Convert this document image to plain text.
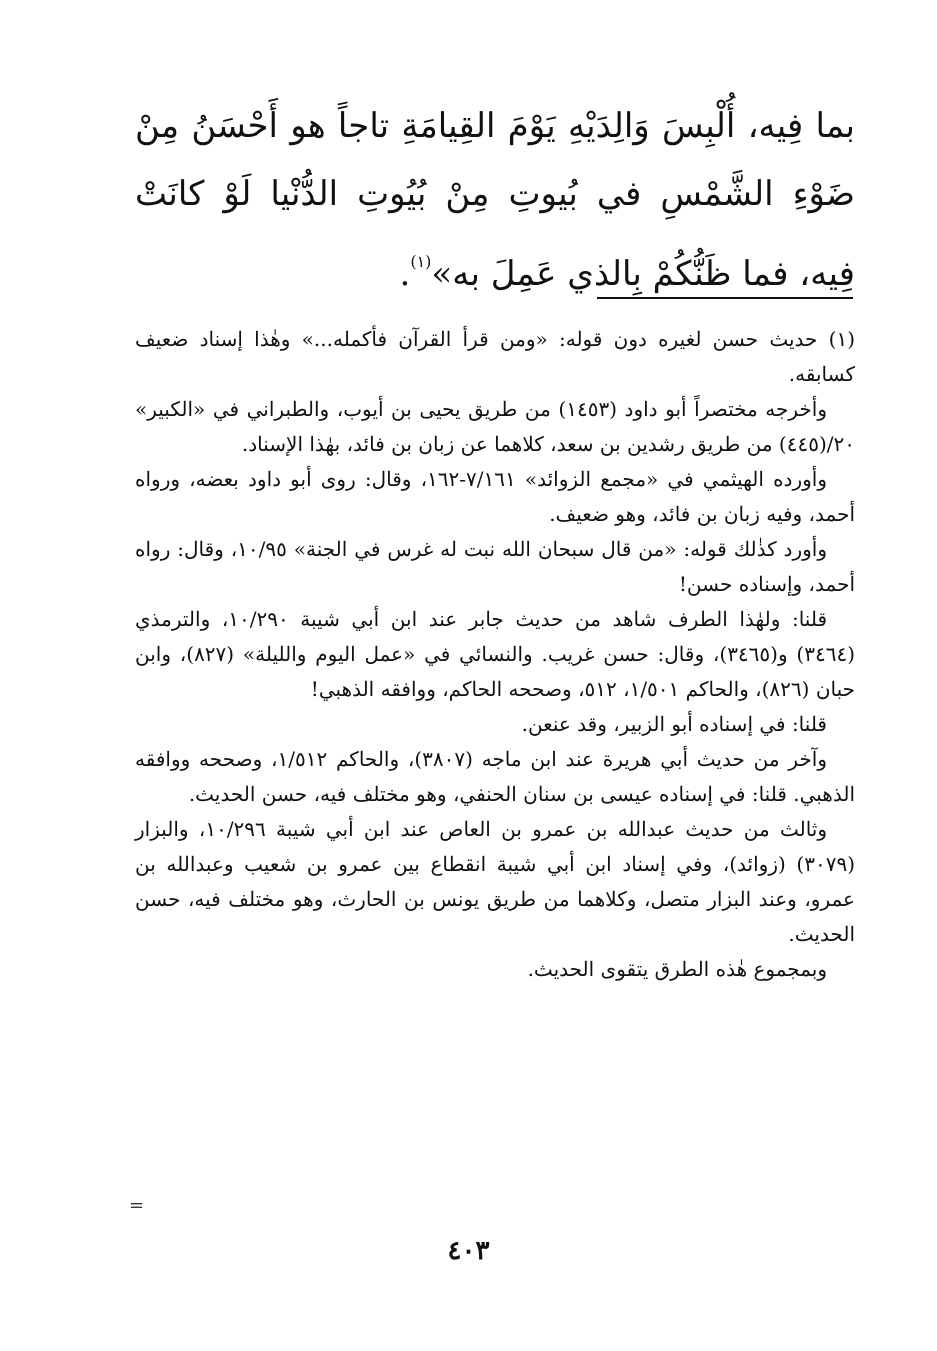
بما فِيه، أُلْبِسَ وَالِدَيْهِ يَوْمَ القِيامَةِ تاجاً هو أَحْسَنُ مِنْ ضَوْءِ الشَّمْسِ في بُيوتِ مِنْ بُيُوتِ الدُّنْيا لَوْ كانَتْ فِيه، فما ظَنُّكُمْ بِالذي عَمِلَ به»$^{(١)}$.

(١) حديث حسن لغيره دون قوله: «ومن قرأ القرآن فأكمله...» وهٰذا إسناد ضعيف كسابقه.

وأخرجه مختصراً أبو داود (١٤٥٣) من طريق يحيى بن أيوب، والطبراني في «الكبير» ٢٠/(٤٤٥) من طريق رشدين بن سعد، كلاهما عن زبان بن فائد، بهٰذا الإسناد.

وأورده الهيثمي في «مجمع الزوائد» ٧/١٦١-١٦٢، وقال: روى أبو داود بعضه، ورواه أحمد، وفيه زبان بن فائد، وهو ضعيف.

وأورد كذٰلك قوله: «من قال سبحان الله نبت له غرس في الجنة» ١٠/٩٥، وقال: رواه أحمد، وإسناده حسن!

قلنا: ولهٰذا الطرف شاهد من حديث جابر عند ابن أبي شيبة ١٠/٢٩٠، والترمذي (٣٤٦٤) و(٣٤٦٥)، وقال: حسن غريب. والنسائي في «عمل اليوم والليلة» (٨٢٧)، وابن حبان (٨٢٦)، والحاكم ١/٥٠١، ٥١٢، وصححه الحاكم، ووافقه الذهبي!

قلنا: في إسناده أبو الزبير، وقد عنعن.

وآخر من حديث أبي هريرة عند ابن ماجه (٣٨٠٧)، والحاكم ١/٥١٢، وصححه ووافقه الذهبي. قلنا: في إسناده عيسى بن سنان الحنفي، وهو مختلف فيه، حسن الحديث.

وثالث من حديث عبدالله بن عمرو بن العاص عند ابن أبي شيبة ١٠/٢٩٦، والبزار (٣٠٧٩) (زوائد)، وفي إسناد ابن أبي شيبة انقطاع بين عمرو بن شعيب وعبدالله بن عمرو، وعند البزار متصل، وكلاهما من طريق يونس بن الحارث، وهو مختلف فيه، حسن الحديث.

وبمجموع هٰذه الطرق يتقوى الحديث.

=
٤٠٣
